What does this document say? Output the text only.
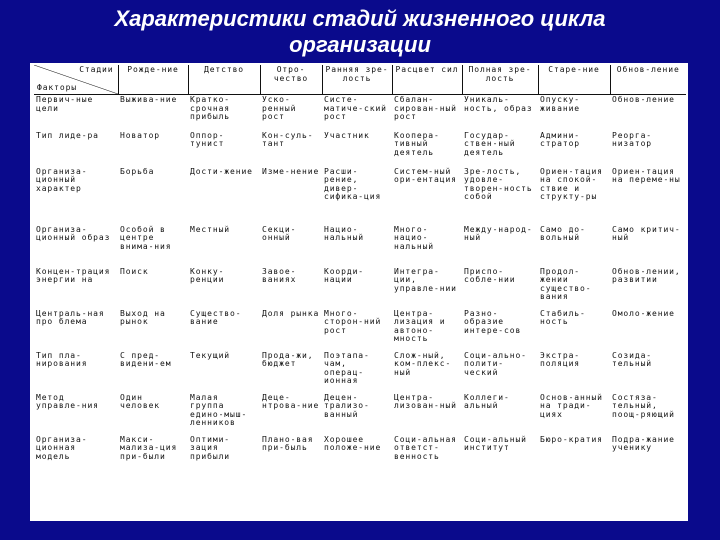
Характеристики стадий жизненного цикла
организации
Стадии
Факторы	Рожде-ние	Детство	Отро-чество	Ранняя зре-лость	Расцвет сил	Полная зре-лость	Старе-ние	Обнов-ление
Первич-ные цели	Выжива-ние	Кратко-срочная прибыль	Уско-ренный рост	Систе-матиче-ский рост	Сбалан-сирован-ный рост	Уникаль-ность, образ	Опуску-живание	Обнов-ление
Тип лиде-ра	Новатор	Оппор-тунист	Кон-суль-тант	Участник	Коопера-тивный деятель	Государ-ствен-ный деятель	Админи-стратор	Реорга-низатор
Организа-ционный характер	Борьба	Дости-жение	Изме-нение	Расши-рение, дивер-сифика-ция	Систем-ный ори-ентация	Зре-лость, удовле-творен-ность собой	Ориен-тация на спокой-ствие и структу-ры	Ориен-тация на переме-ны
Организа-ционный образ	Особой в центре внима-ния	Местный	Секци-онный	Нацио-нальный	Много-нацио-нальный	Между-народ-ный	Само до-вольный	Само критич-ный
Концен-трация энергии на	Поиск	Конку-ренции	Завое-ваниях	Коорди-нации	Интегра-ции, управле-нии	Приспо-собле-нии	Продол-жении существо-вания	Обнов-лении, развитии
Централь-ная про блема	Выход на рынок	Существо-вание	Доля рынка	Много-сторон-ний рост	Центра-лизация и автоно-мность	Разно-образие интере-сов	Стабиль-ность	Омоло-жение
Тип пла-нирования	С пред-видени-ем	Текущий	Прода-жи, бюджет	Поэтапа-чам, операц-ионная	Слож-ный, ком-плекс-ный	Соци-ально-полити-ческий	Экстра-поляция	Созида-тельный
Метод управле-ния	Один человек	Малая группа едино-мыш-ленников	Деце-нтрова-ние	Децен-трализо-ванный	Центра-лизован-ный	Коллеги-альный	Основ-анный на тради-циях	Состяза-тельный, поощ-ряющий
Организа-ционная модель	Макси-мализа-ция при-были	Оптими-зация прибыли	Плано-вая при-быль	Хорошее положе-ние	Соци-альная ответст-венность	Соци-альный институт	Бюро-кратия	Подра-жание ученику
